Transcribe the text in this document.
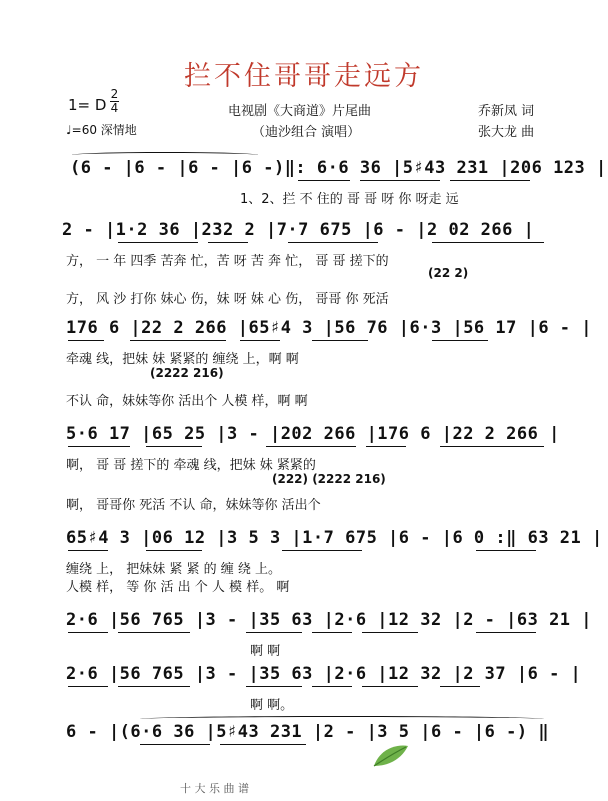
拦不住哥哥走远方
1= D
2
4
♩=60 深情地
电视剧《大商道》片尾曲
（迪沙组合 演唱）
乔新凤 词
张大龙 曲
(6 - |6 - |6 - |6 -)‖: 6·6 36 |5♯43 231 |206 123 |
1、2、拦 不 住的 哥 哥 呀 你 呀走 远
2 - |1·2 36 |232 2 |7·7 675 |6 - |2 02 266 |
方， 一 年 四季 苦奔 忙，苦 呀 苦 奔 忙， 哥 哥 搓下的
(22 2)
方， 风 沙 打你 妹心 伤，妹 呀 妹 心 伤， 哥哥 你 死活
176 6 |22 2 266 |65♯4 3 |56 76 |6·3 |56 17 |6 - |
牵魂 线，把妹 妹 紧紧的 缠绕 上，啊 啊
(2222 216)
不认 命，妹妹等你 活出个 人模 样，啊 啊
5·6 17 |65 25 |3 - |202 266 |176 6 |22 2 266 |
啊， 哥 哥 搓下的 牵魂 线，把妹 妹 紧紧的
(222) (2222 216)
啊， 哥哥你 死活 不认 命，妹妹等你 活出个
65♯4 3 |06 12 |3 5 3 |1·7 675 |6 - |6 0 :‖ 63 21 |
缠绕 上， 把妹妹 紧 紧 的 缠 绕 上。
人模 样， 等 你 活 出 个 人 模 样。 啊
2·6 |56 765 |3 - |35 63 |2·6 |12 32 |2 - |63 21 |
啊 啊
2·6 |56 765 |3 - |35 63 |2·6 |12 32 |2 37 |6 - |
啊 啊。
6 - |(6·6 36 |5♯43 231 |2 - |3 5 |6 - |6 -) ‖
十 大 乐 曲 谱
